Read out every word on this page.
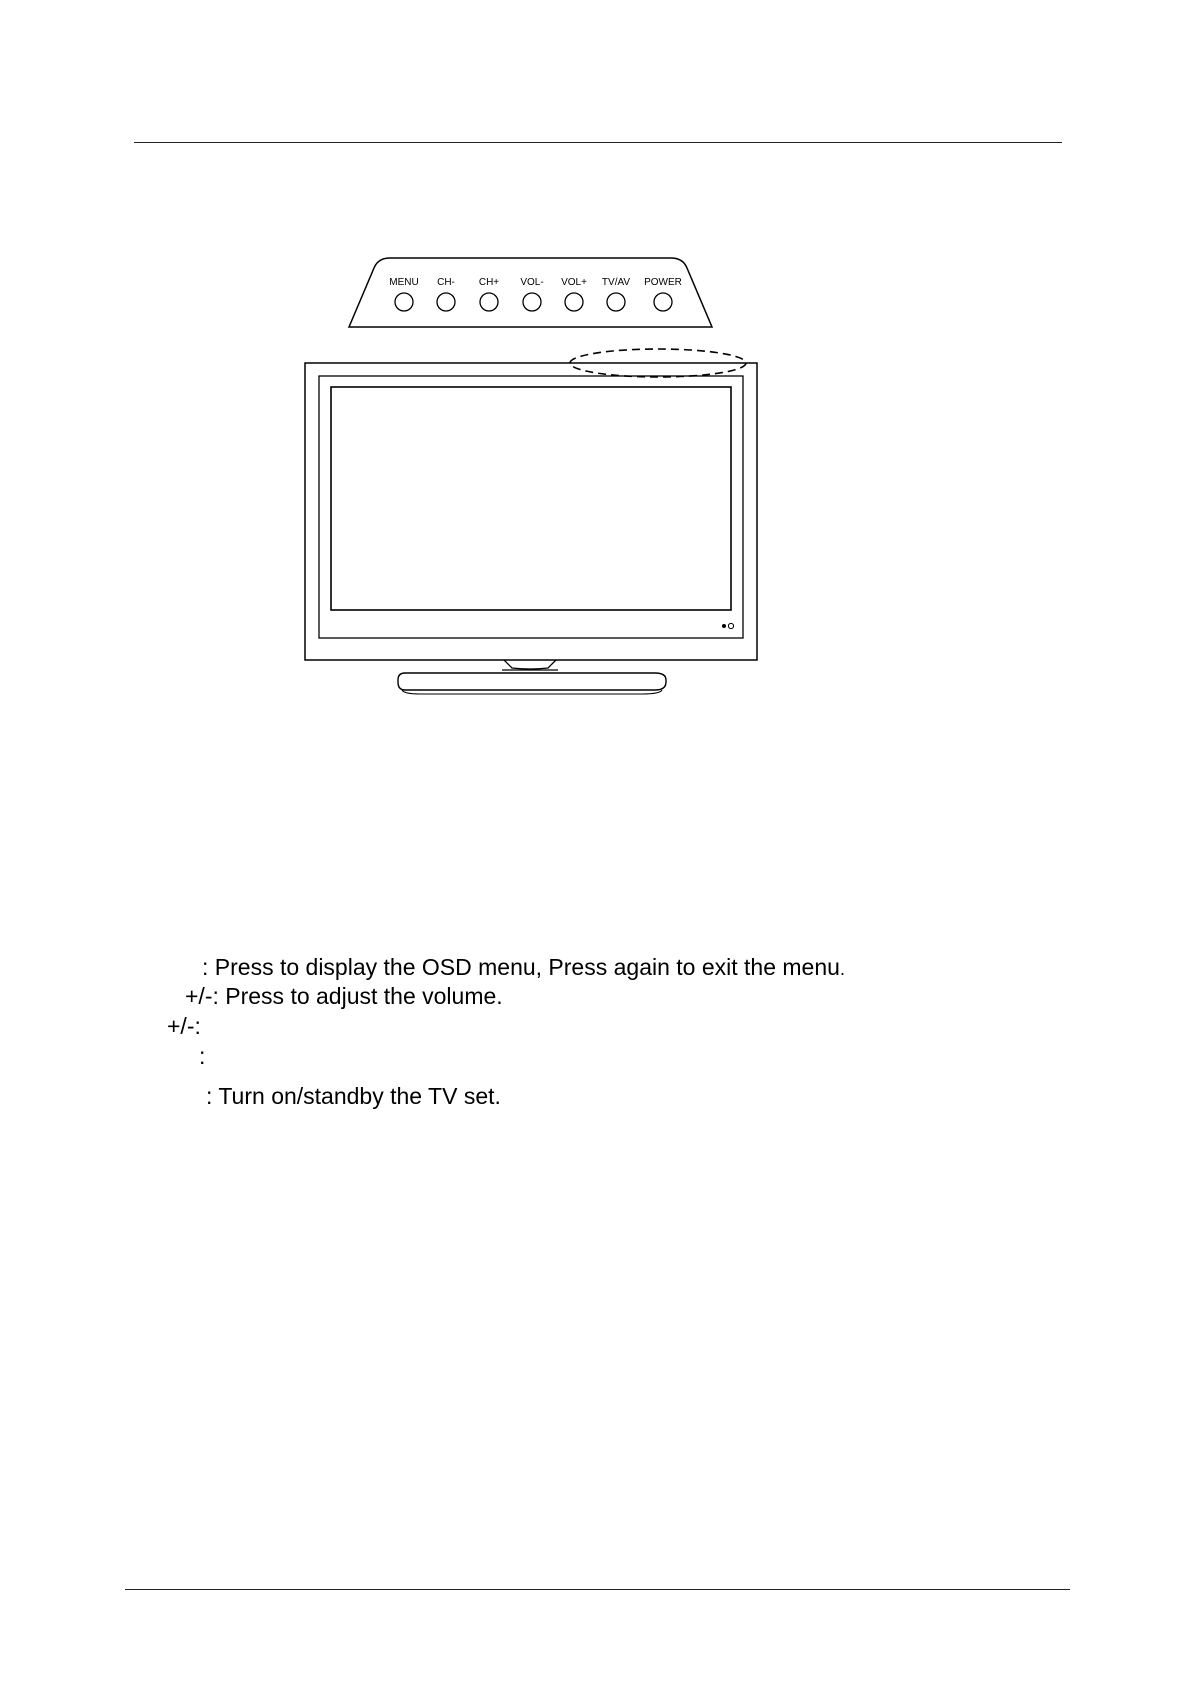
MENU CH- CH+ VOL- VOL+ TV/AV POWER
: Press to display the OSD menu, Press again to exit the menu.
+/-: Press to adjust the volume.
+/-:
:
: Turn on/standby the TV set.
